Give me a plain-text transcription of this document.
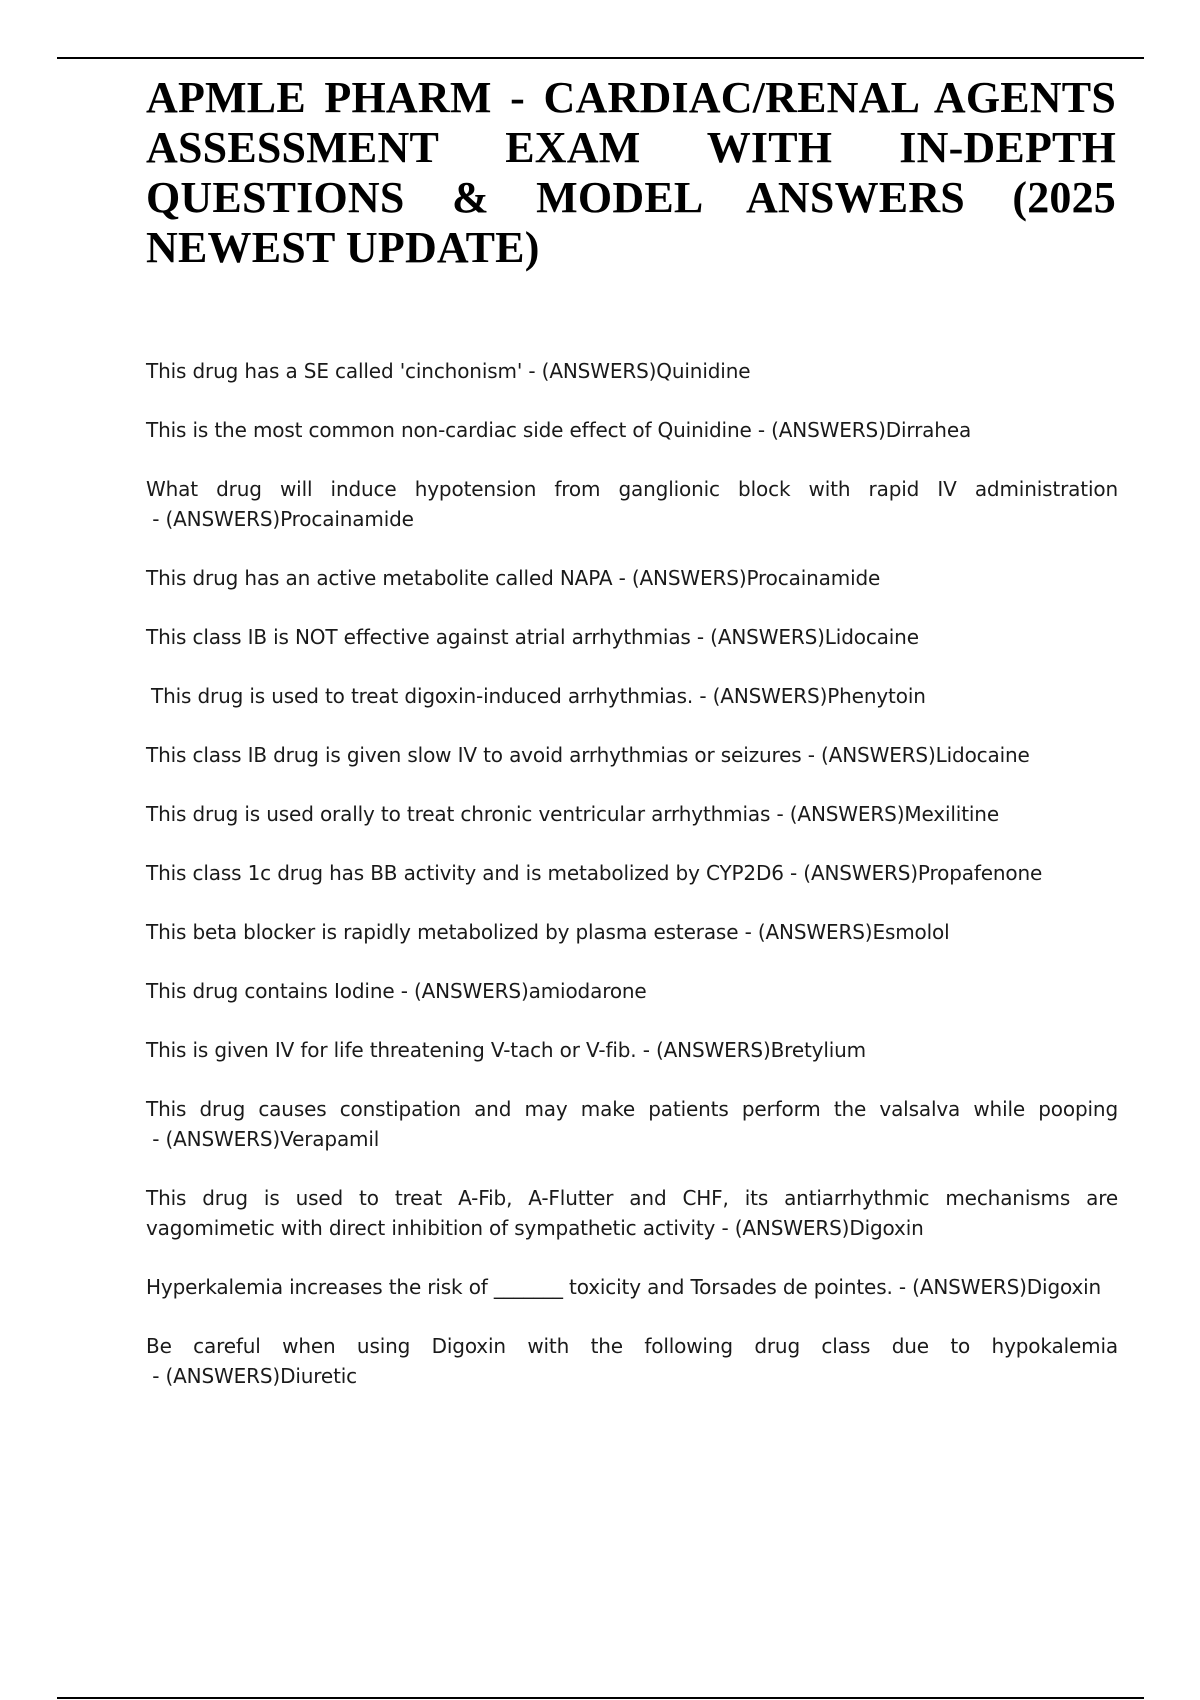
APMLE PHARM - CARDIAC/RENAL AGENTS ASSESSMENT EXAM WITH IN-DEPTH QUESTIONS & MODEL ANSWERS (2025 NEWEST UPDATE)
This drug has a SE called 'cinchonism' - (ANSWERS)Quinidine
This is the most common non-cardiac side effect of Quinidine - (ANSWERS)Dirrahea
What drug will induce hypotension from ganglionic block with rapid IV administration - (ANSWERS)Procainamide
This drug has an active metabolite called NAPA - (ANSWERS)Procainamide
This class IB is NOT effective against atrial arrhythmias - (ANSWERS)Lidocaine
This drug is used to treat digoxin-induced arrhythmias. - (ANSWERS)Phenytoin
This class IB drug is given slow IV to avoid arrhythmias or seizures - (ANSWERS)Lidocaine
This drug is used orally to treat chronic ventricular arrhythmias - (ANSWERS)Mexilitine
This class 1c drug has BB activity and is metabolized by CYP2D6 - (ANSWERS)Propafenone
This beta blocker is rapidly metabolized by plasma esterase - (ANSWERS)Esmolol
This drug contains Iodine - (ANSWERS)amiodarone
This is given IV for life threatening V-tach or V-fib. - (ANSWERS)Bretylium
This drug causes constipation and may make patients perform the valsalva while pooping - (ANSWERS)Verapamil
This drug is used to treat A-Fib, A-Flutter and CHF, its antiarrhythmic mechanisms are vagomimetic with direct inhibition of sympathetic activity - (ANSWERS)Digoxin
Hyperkalemia increases the risk of _______ toxicity and Torsades de pointes. - (ANSWERS)Digoxin
Be careful when using Digoxin with the following drug class due to hypokalemia - (ANSWERS)Diuretic
